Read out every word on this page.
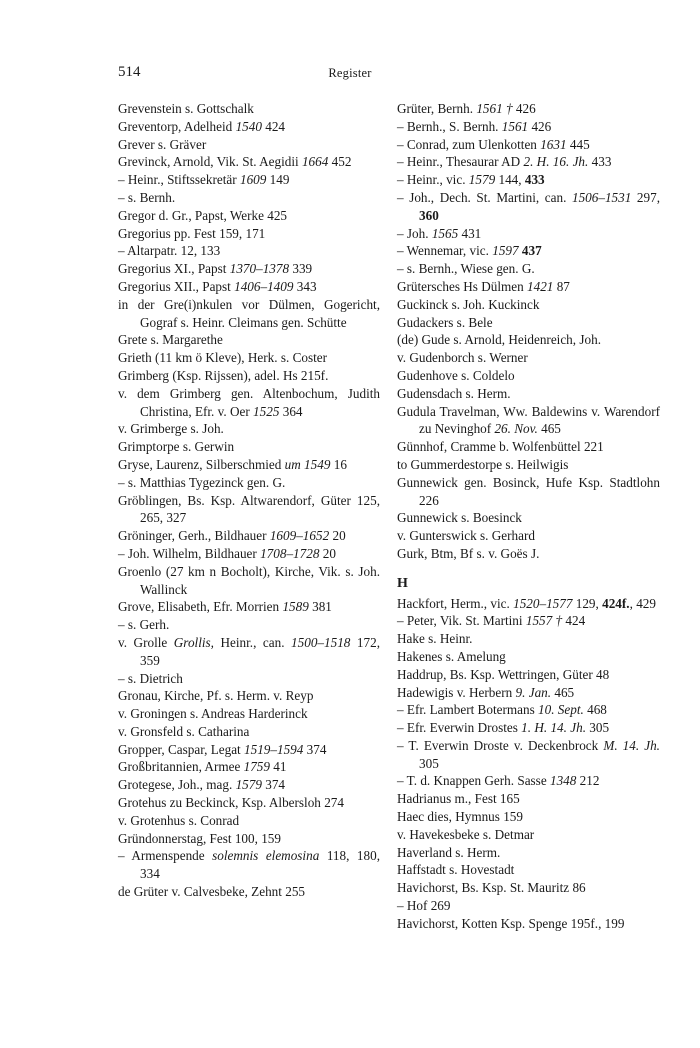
514	Register
Grevenstein s. Gottschalk
Greventorp, Adelheid 1540 424
Grever s. Gräver
Grevinck, Arnold, Vik. St. Aegidii 1664 452
– Heinr., Stiftssekretär 1609 149
– s. Bernh.
Gregor d. Gr., Papst, Werke 425
Gregorius pp. Fest 159, 171
– Altarpatr. 12, 133
Gregorius XI., Papst 1370–1378 339
Gregorius XII., Papst 1406–1409 343
in der Gre(i)nkulen vor Dülmen, Gogericht, Gograf s. Heinr. Cleimans gen. Schütte
Grete s. Margarethe
Grieth (11 km ö Kleve), Herk. s. Coster
Grimberg (Ksp. Rijssen), adel. Hs 215f.
v. dem Grimberg gen. Altenbochum, Judith Christina, Efr. v. Oer 1525 364
v. Grimberge s. Joh.
Grimptorpe s. Gerwin
Gryse, Laurenz, Silberschmied um 1549 16
– s. Matthias Tygezinck gen. G.
Gröblingen, Bs. Ksp. Altwarendorf, Güter 125, 265, 327
Gröninger, Gerh., Bildhauer 1609–1652 20
– Joh. Wilhelm, Bildhauer 1708–1728 20
Groenlo (27 km n Bocholt), Kirche, Vik. s. Joh. Wallinck
Grove, Elisabeth, Efr. Morrien 1589 381
– s. Gerh.
v. Grolle Grollis, Heinr., can. 1500–1518 172, 359
– s. Dietrich
Gronau, Kirche, Pf. s. Herm. v. Reyp
v. Groningen s. Andreas Harderinck
v. Gronsfeld s. Catharina
Gropper, Caspar, Legat 1519–1594 374
Großbritannien, Armee 1759 41
Grotegese, Joh., mag. 1579 374
Grotehus zu Beckinck, Ksp. Albersloh 274
v. Grotenhus s. Conrad
Gründonnerstag, Fest 100, 159
– Armenspende solemnis elemosina 118, 180, 334
de Grüter v. Calvesbeke, Zehnt 255
Grüter, Bernh. 1561 † 426
– Bernh., S. Bernh. 1561 426
– Conrad, zum Ulenkotten 1631 445
– Heinr., Thesaurar AD 2. H. 16. Jh. 433
– Heinr., vic. 1579 144, 433
– Joh., Dech. St. Martini, can. 1506–1531 297, 360
– Joh. 1565 431
– Wennemar, vic. 1597 437
– s. Bernh., Wiese gen. G.
Grütersches Hs Dülmen 1421 87
Guckinck s. Joh. Kuckinck
Gudackers s. Bele
(de) Gude s. Arnold, Heidenreich, Joh.
v. Gudenborch s. Werner
Gudenhove s. Coldelo
Gudensdach s. Herm.
Gudula Travelman, Ww. Baldewins v. Warendorf zu Nevinghof 26. Nov. 465
Günnhof, Cramme b. Wolfenbüttel 221
to Gummerdestorpe s. Heilwigis
Gunnewick gen. Bosinck, Hufe Ksp. Stadtlohn 226
Gunnewick s. Boesinck
v. Gunterswick s. Gerhard
Gurk, Btm, Bf s. v. Goës J.
H
Hackfort, Herm., vic. 1520–1577 129, 424f., 429
– Peter, Vik. St. Martini 1557 † 424
Hake s. Heinr.
Hakenes s. Amelung
Haddrup, Bs. Ksp. Wettringen, Güter 48
Hadewigis v. Herbern 9. Jan. 465
– Efr. Lambert Botermans 10. Sept. 468
– Efr. Everwin Drostes 1. H. 14. Jh. 305
– T. Everwin Droste v. Deckenbrock M. 14. Jh. 305
– T. d. Knappen Gerh. Sasse 1348 212
Hadrianus m., Fest 165
Haec dies, Hymnus 159
v. Havekesbeke s. Detmar
Haverland s. Herm.
Haffstadt s. Hovestadt
Havichorst, Bs. Ksp. St. Mauritz 86
– Hof 269
Havichorst, Kotten Ksp. Spenge 195f., 199
